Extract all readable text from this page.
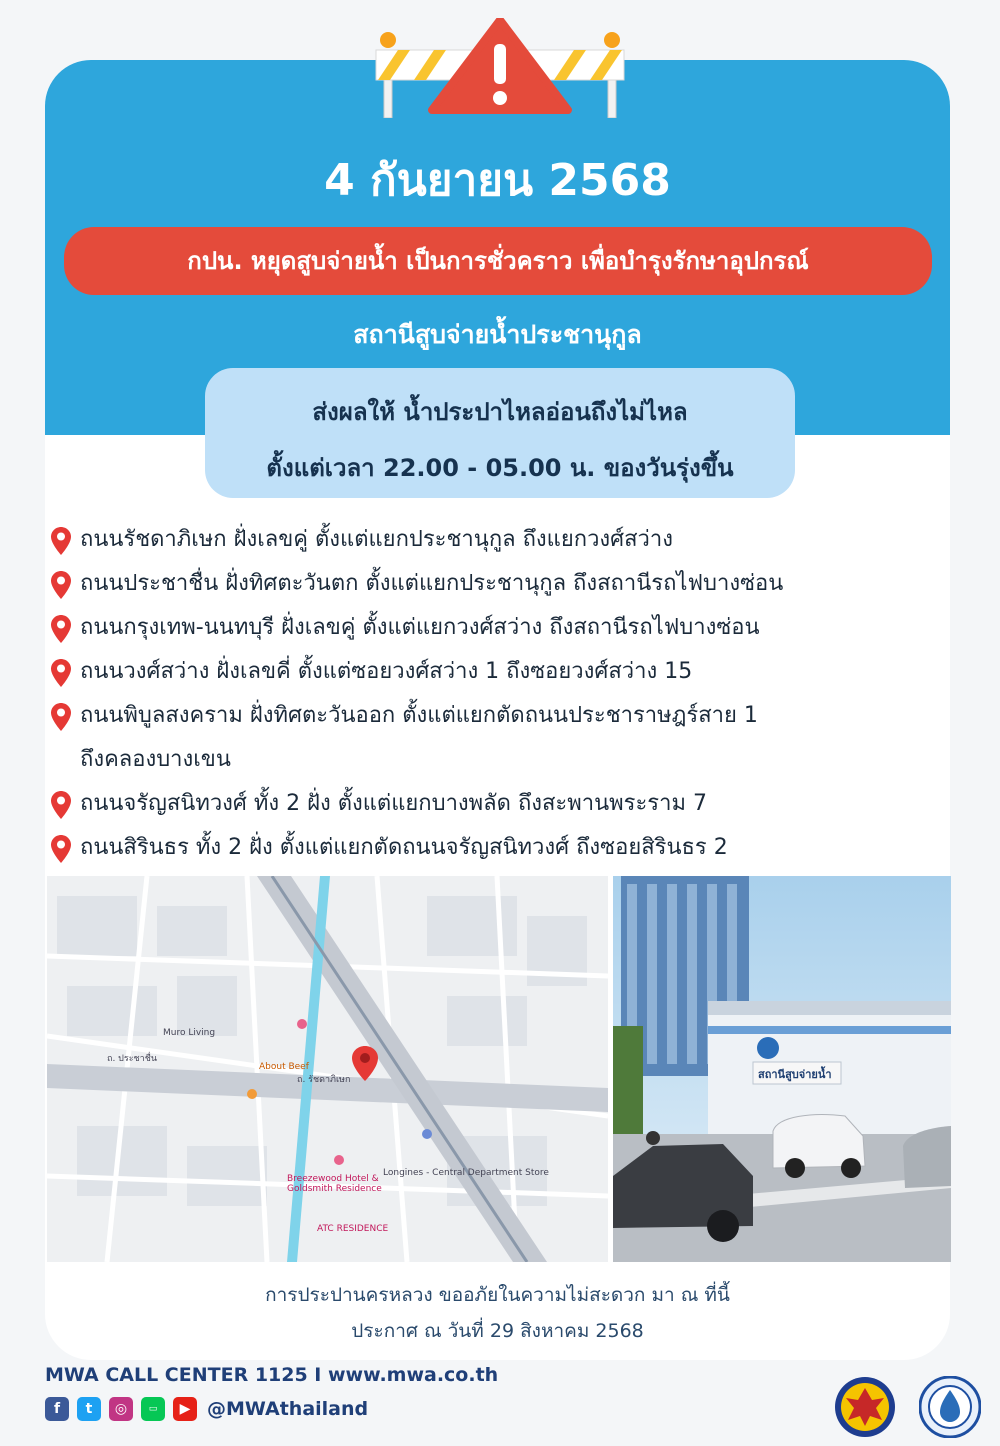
4 กันยายน 2568
กปน. หยุดสูบจ่ายน้ำ เป็นการชั่วคราว เพื่อบำรุงรักษาอุปกรณ์
สถานีสูบจ่ายน้ำประชานุกูล
ส่งผลให้ น้ำประปาไหลอ่อนถึงไม่ไหล
ตั้งแต่เวลา 22.00 - 05.00 น. ของวันรุ่งขึ้น
ถนนรัชดาภิเษก ฝั่งเลขคู่ ตั้งแต่แยกประชานุกูล ถึงแยกวงศ์สว่าง
ถนนประชาชื่น ฝั่งทิศตะวันตก ตั้งแต่แยกประชานุกูล ถึงสถานีรถไฟบางซ่อน
ถนนกรุงเทพ-นนทบุรี ฝั่งเลขคู่ ตั้งแต่แยกวงศ์สว่าง ถึงสถานีรถไฟบางซ่อน
ถนนวงศ์สว่าง ฝั่งเลขคี่ ตั้งแต่ซอยวงศ์สว่าง 1 ถึงซอยวงศ์สว่าง 15
ถนนพิบูลสงคราม ฝั่งทิศตะวันออก ตั้งแต่แยกตัดถนนประชาราษฎร์สาย 1
ถึงคลองบางเขน
ถนนจรัญสนิทวงศ์ ทั้ง 2 ฝั่ง ตั้งแต่แยกบางพลัด ถึงสะพานพระราม 7
ถนนสิรินธร ทั้ง 2 ฝั่ง ตั้งแต่แยกตัดถนนจรัญสนิทวงศ์ ถึงซอยสิรินธร 2
ถ. รัชดาภิเษก
ถ. ประชาชื่น
About Beef
Muro Living
ATC RESIDENCE
Longines - Central Department Store
Breezewood Hotel & Goldsmith Residence
สถานีสูบจ่ายน้ำ
การประปานครหลวง ขออภัยในความไม่สะดวก มา ณ ที่นี้
ประกาศ ณ วันที่ 29 สิงหาคม 2568
MWA CALL CENTER 1125 I www.mwa.co.th
f	t	◎	▭	▶ @MWAthailand
